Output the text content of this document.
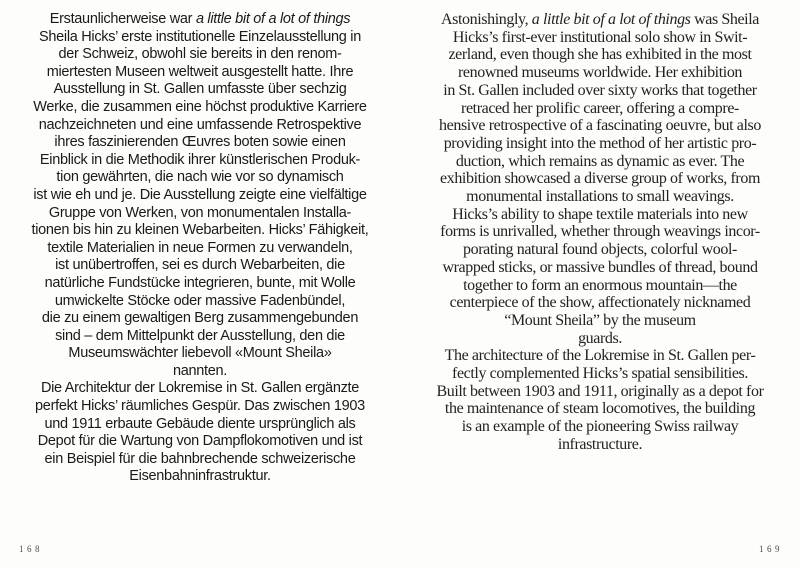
Erstaunlicherweise war a little bit of a lot of things
Sheila Hicks’ erste institutionelle Einzelausstellung in
der Schweiz, obwohl sie bereits in den renom-
miertesten Museen weltweit ausgestellt hatte. Ihre
Ausstellung in St. Gallen umfasste über sechzig
Werke, die zusammen eine höchst produktive Karriere
nachzeichneten und eine umfassende Retrospektive
ihres faszinierenden Œuvres boten sowie einen
Einblick in die Methodik ihrer künstlerischen Produk-
tion gewährten, die nach wie vor so dynamisch
ist wie eh und je. Die Ausstellung zeigte eine vielfältige
Gruppe von Werken, von monumentalen Installa-
tionen bis hin zu kleinen Webarbeiten. Hicks’ Fähigkeit,
textile Materialien in neue Formen zu verwandeln,
ist unübertroffen, sei es durch Webarbeiten, die
natürliche Fundstücke integrieren, bunte, mit Wolle
umwickelte Stöcke oder massive Fadenbündel,
die zu einem gewaltigen Berg zusammengebunden
sind – dem Mittelpunkt der Ausstellung, den die
Museumswächter liebevoll «Mount Sheila»
nannten.
Die Architektur der Lokremise in St. Gallen ergänzte
perfekt Hicks’ räumliches Gespür. Das zwischen 1903
und 1911 erbaute Gebäude diente ursprünglich als
Depot für die Wartung von Dampflokomotiven und ist
ein Beispiel für die bahnbrechende schweizerische
Eisenbahninfrastruktur.
168
Astonishingly, a little bit of a lot of things was Sheila
Hicks’s first-ever institutional solo show in Swit-
zerland, even though she has exhibited in the most
renowned museums worldwide. Her exhibition
in St. Gallen included over sixty works that together
retraced her prolific career, offering a compre-
hensive retrospective of a fascinating oeuvre, but also
providing insight into the method of her artistic pro-
duction, which remains as dynamic as ever. The
exhibition showcased a diverse group of works, from
monumental installations to small weavings.
Hicks’s ability to shape textile materials into new
forms is unrivalled, whether through weavings incor-
porating natural found objects, colorful wool-
wrapped sticks, or massive bundles of thread, bound
together to form an enormous mountain—the
centerpiece of the show, affectionately nicknamed
“Mount Sheila” by the museum
guards.
The architecture of the Lokremise in St. Gallen per-
fectly complemented Hicks’s spatial sensibilities.
Built between 1903 and 1911, originally as a depot for
the maintenance of steam locomotives, the building
is an example of the pioneering Swiss railway
infrastructure.
169
